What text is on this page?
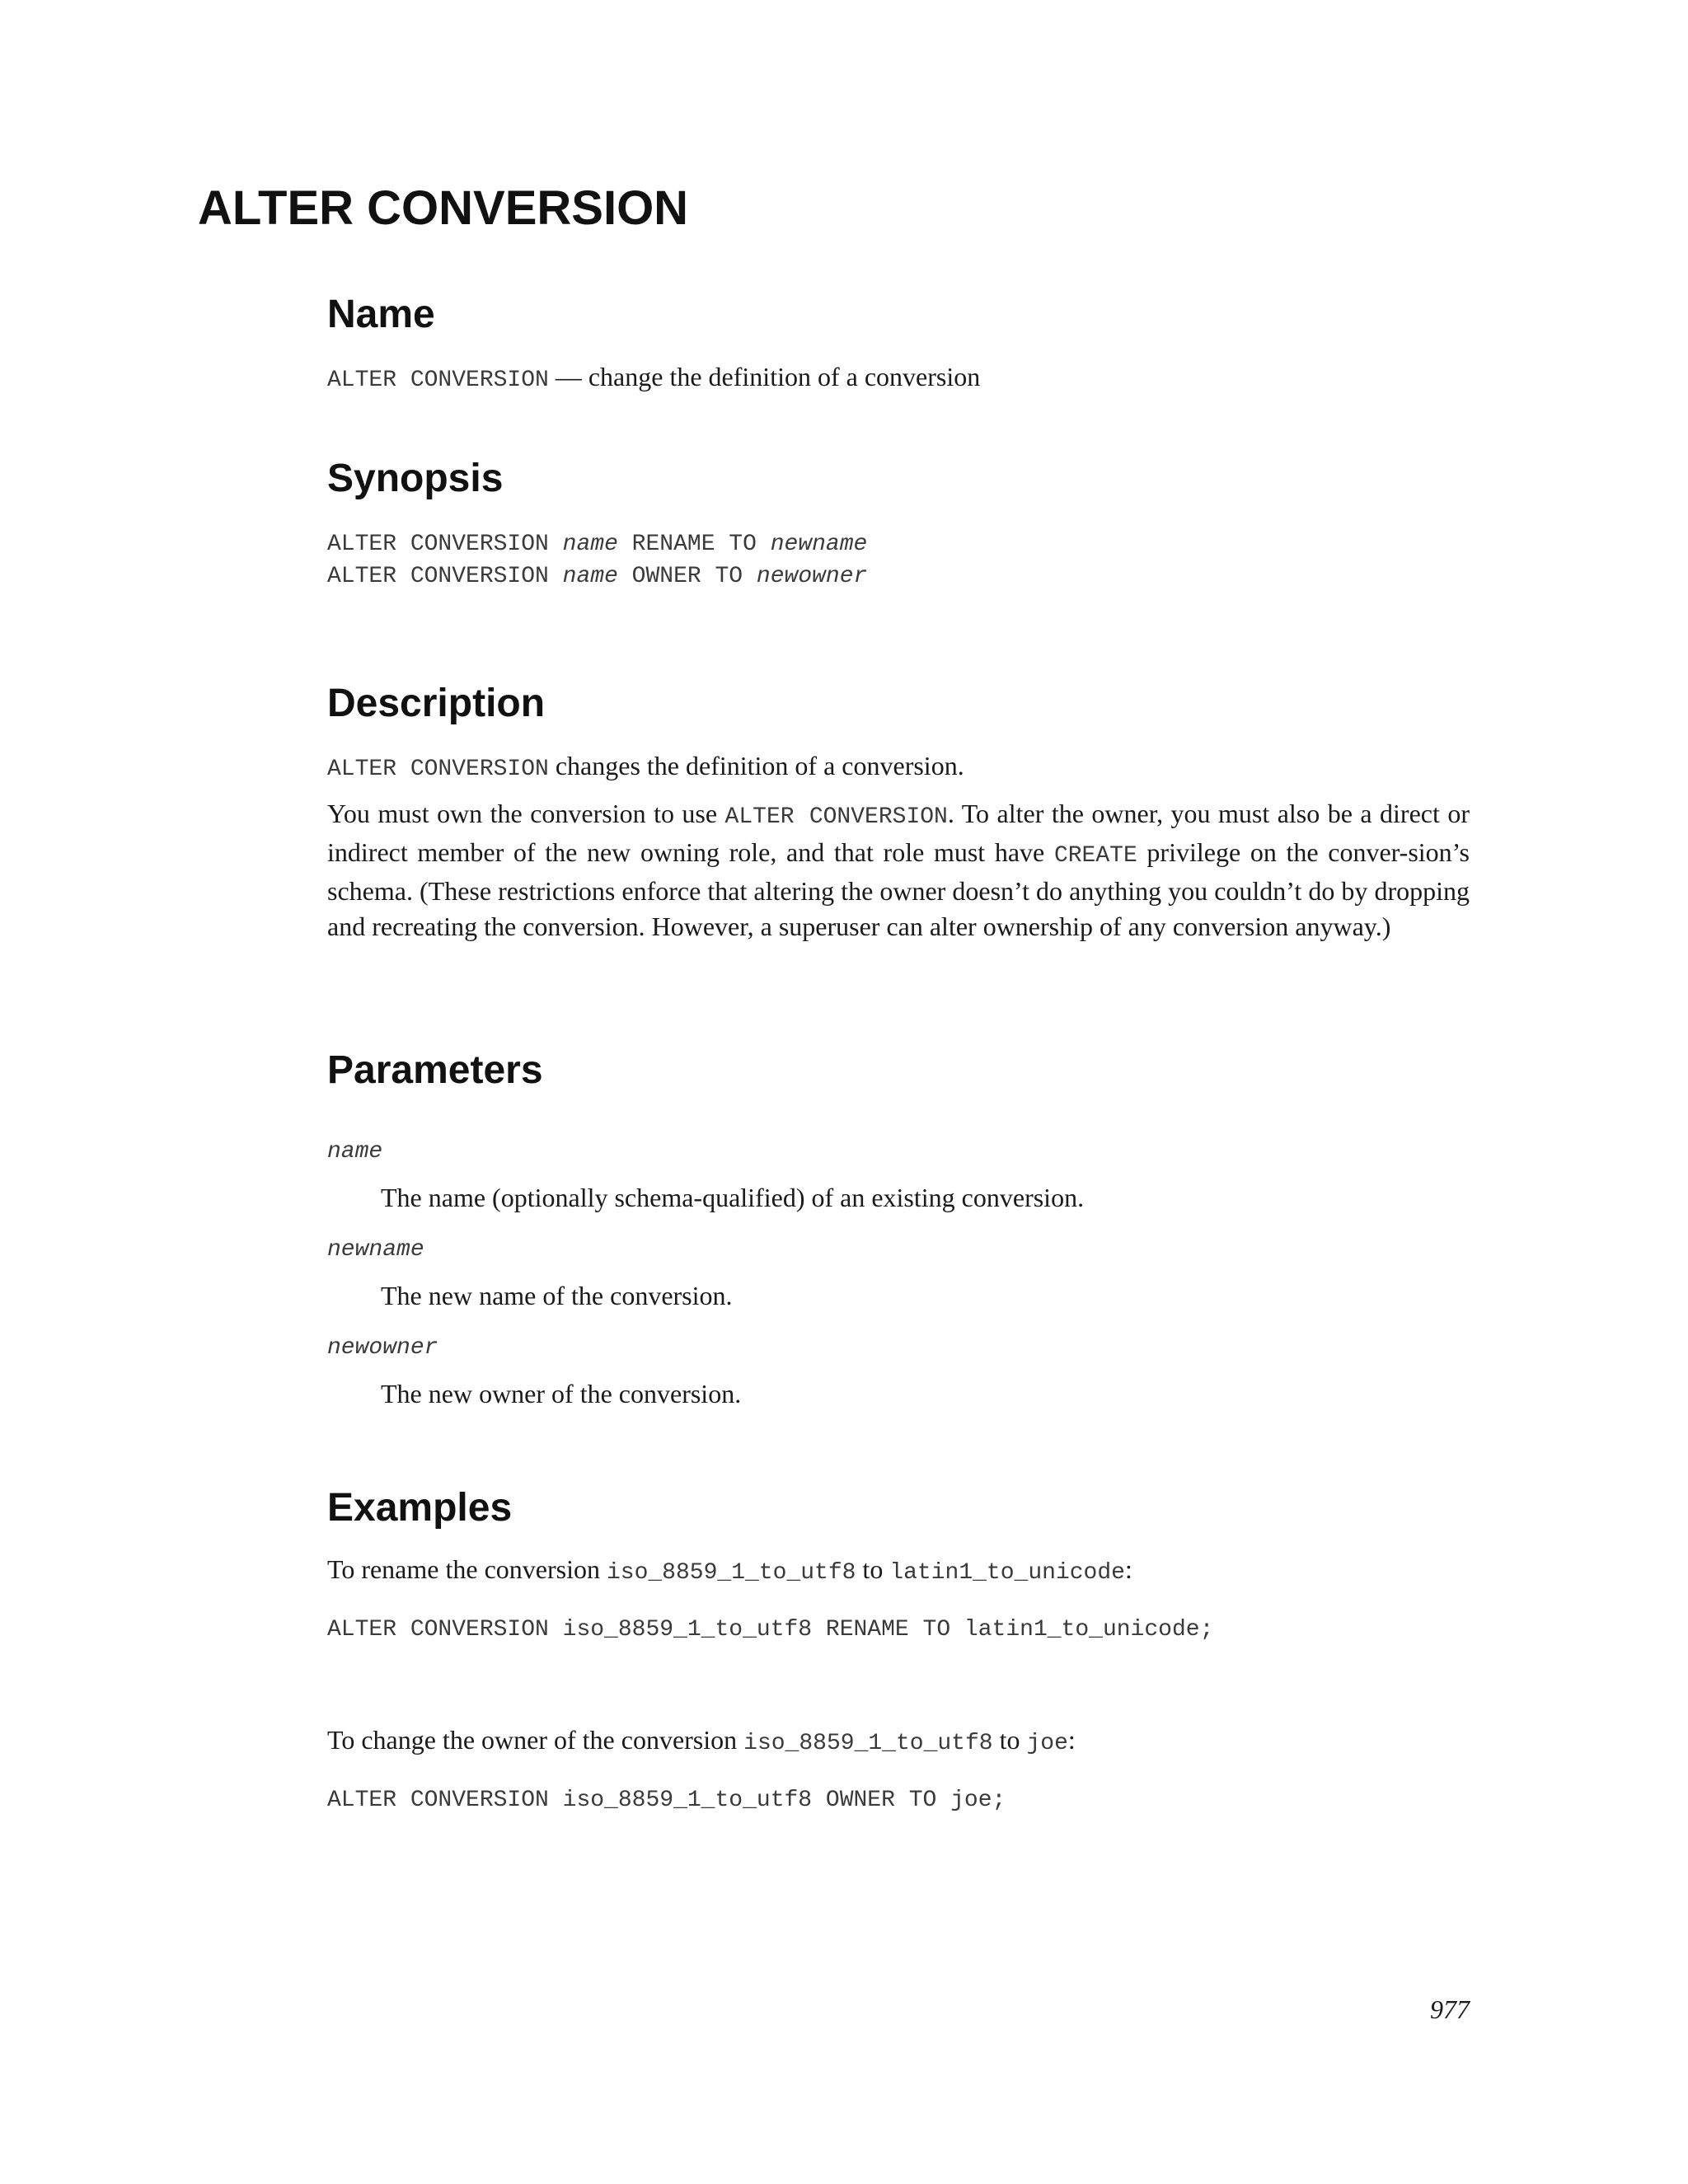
ALTER CONVERSION
Name

ALTER CONVERSION — change the definition of a conversion

Synopsis

ALTER CONVERSION name RENAME TO newname

ALTER CONVERSION name OWNER TO newowner

Description

ALTER CONVERSION changes the definition of a conversion.

You must own the conversion to use ALTER CONVERSION. To alter the owner, you must also be a direct or indirect member of the new owning role, and that role must have CREATE privilege on the conver-sion’s schema. (These restrictions enforce that altering the owner doesn’t do anything you couldn’t do by dropping and recreating the conversion. However, a superuser can alter ownership of any conversion anyway.)

Parameters

name

The name (optionally schema-qualified) of an existing conversion.

newname

The new name of the conversion.

newowner

The new owner of the conversion.

Examples

To rename the conversion iso_8859_1_to_utf8 to latin1_to_unicode:

ALTER CONVERSION iso_8859_1_to_utf8 RENAME TO latin1_to_unicode;

To change the owner of the conversion iso_8859_1_to_utf8 to joe:

ALTER CONVERSION iso_8859_1_to_utf8 OWNER TO joe;

977
